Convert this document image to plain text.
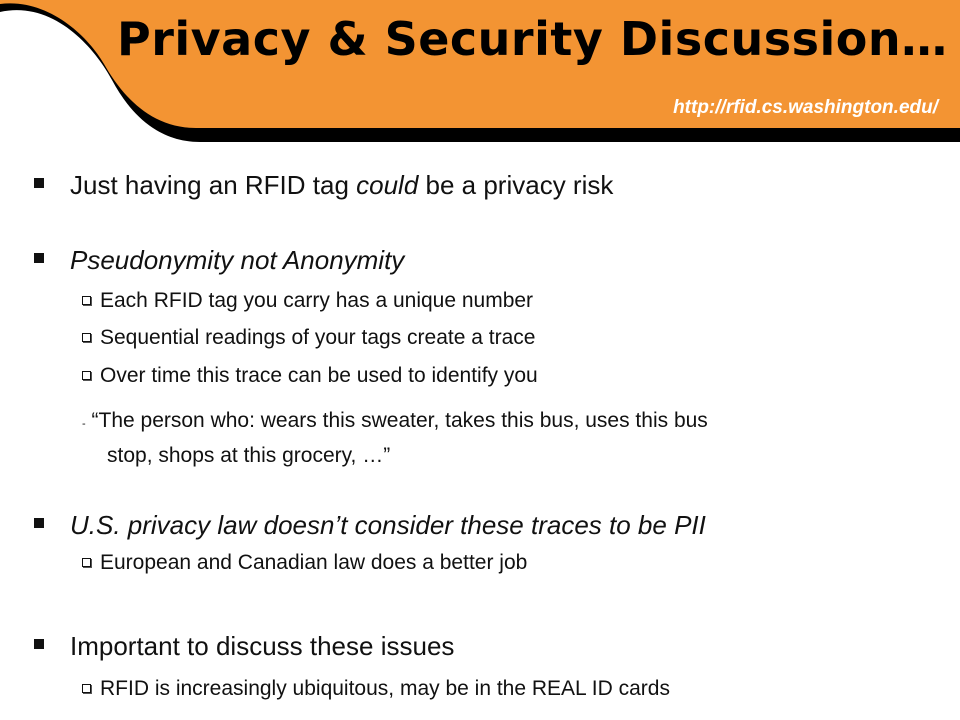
Privacy & Security Discussion…
http://rfid.cs.washington.edu/
Just having an RFID tag could be a privacy risk
Pseudonymity not Anonymity
Each RFID tag you carry has a unique number
Sequential readings of your tags create a trace
Over time this trace can be used to identify you
- “The person who: wears this sweater, takes this bus, uses this bus
stop, shops at this grocery, …”
U.S. privacy law doesn’t consider these traces to be PII
European and Canadian law does a better job
Important to discuss these issues
RFID is increasingly ubiquitous, may be in the REAL ID cards
